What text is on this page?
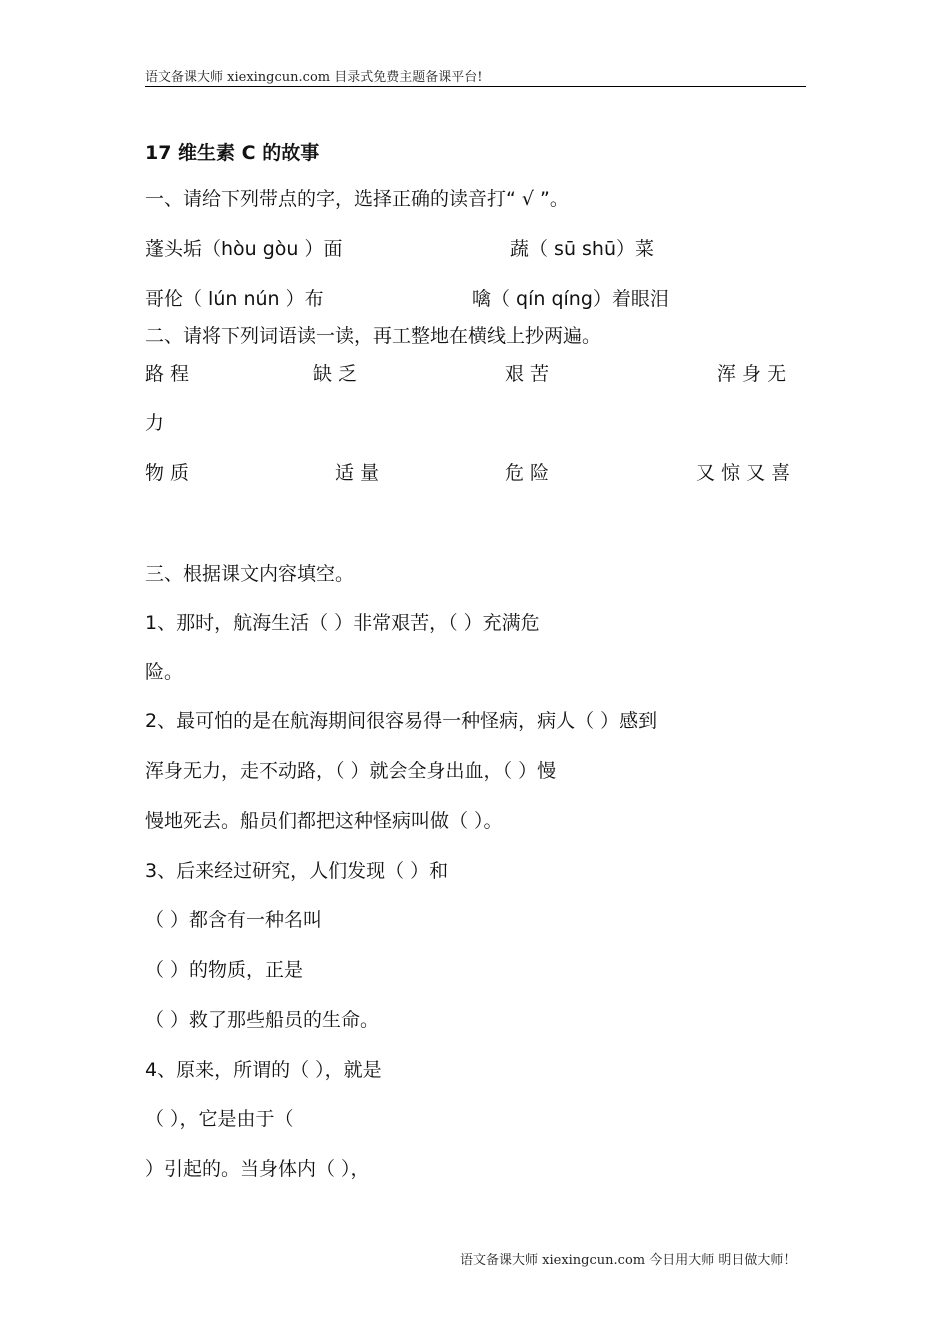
语文备课大师 xiexingcun.com 目录式免费主题备课平台!
17 维生素 C 的故事
一、请给下列带点的字，选择正确的读音打“ √ ”。
蓬头垢（hòu gòu ）面	蔬（ sū shū）菜
哥伦（ lún nún ）布	噙（ qín qíng）着眼泪
二、请将下列词语读一读，再工整地在横线上抄两遍。
路 程	缺 乏	艰 苦	浑 身 无
力
物 质	适 量	危 险	又 惊 又 喜
三、根据课文内容填空。
1、那时，航海生活（ ）非常艰苦，（ ）充满危
险。
2、最可怕的是在航海期间很容易得一种怪病，病人（ ）感到
浑身无力，走不动路，（ ）就会全身出血，（ ）慢
慢地死去。船员们都把这种怪病叫做（ ）。
3、后来经过研究，人们发现（ ）和
（ ）都含有一种名叫
（ ）的物质，正是
（ ）救了那些船员的生命。
4、原来，所谓的（ ），就是
（ ），它是由于（
）引起的。当身体内（ ），
语文备课大师 xiexingcun.com 今日用大师 明日做大师！
